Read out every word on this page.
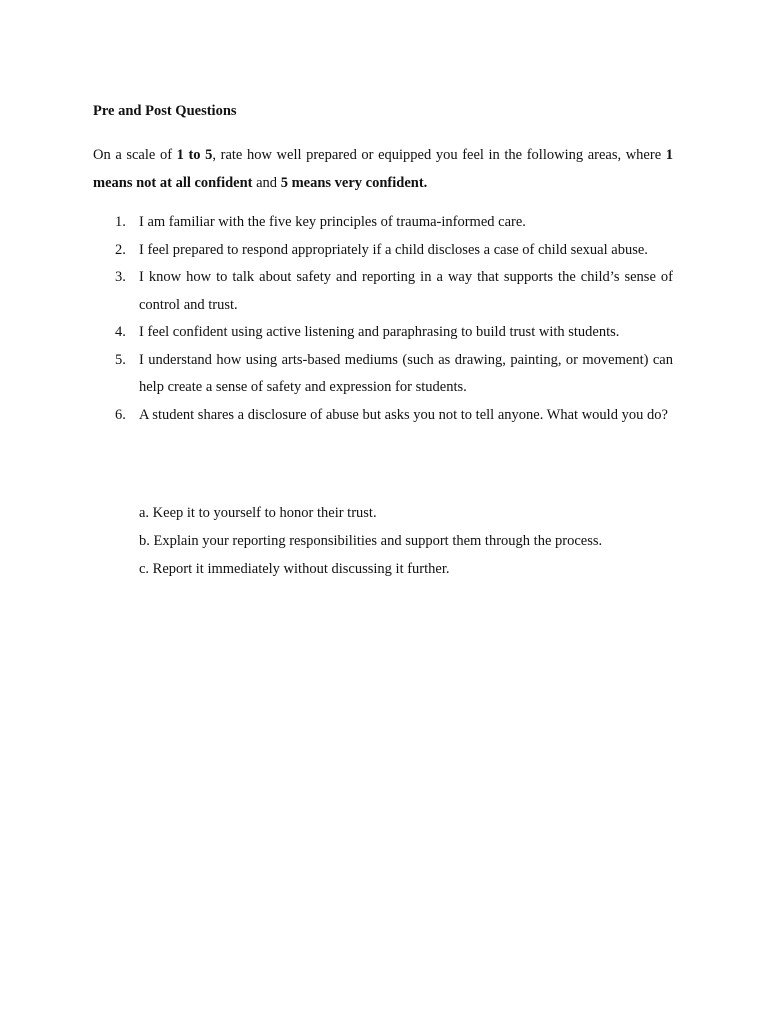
Pre and Post Questions
On a scale of 1 to 5, rate how well prepared or equipped you feel in the following areas, where 1 means not at all confident and 5 means very confident.
1. I am familiar with the five key principles of trauma-informed care.
2. I feel prepared to respond appropriately if a child discloses a case of child sexual abuse.
3. I know how to talk about safety and reporting in a way that supports the child’s sense of control and trust.
4. I feel confident using active listening and paraphrasing to build trust with students.
5. I understand how using arts-based mediums (such as drawing, painting, or movement) can help create a sense of safety and expression for students.
6. A student shares a disclosure of abuse but asks you not to tell anyone. What would you do?
a. Keep it to yourself to honor their trust.
b. Explain your reporting responsibilities and support them through the process.
c. Report it immediately without discussing it further.
